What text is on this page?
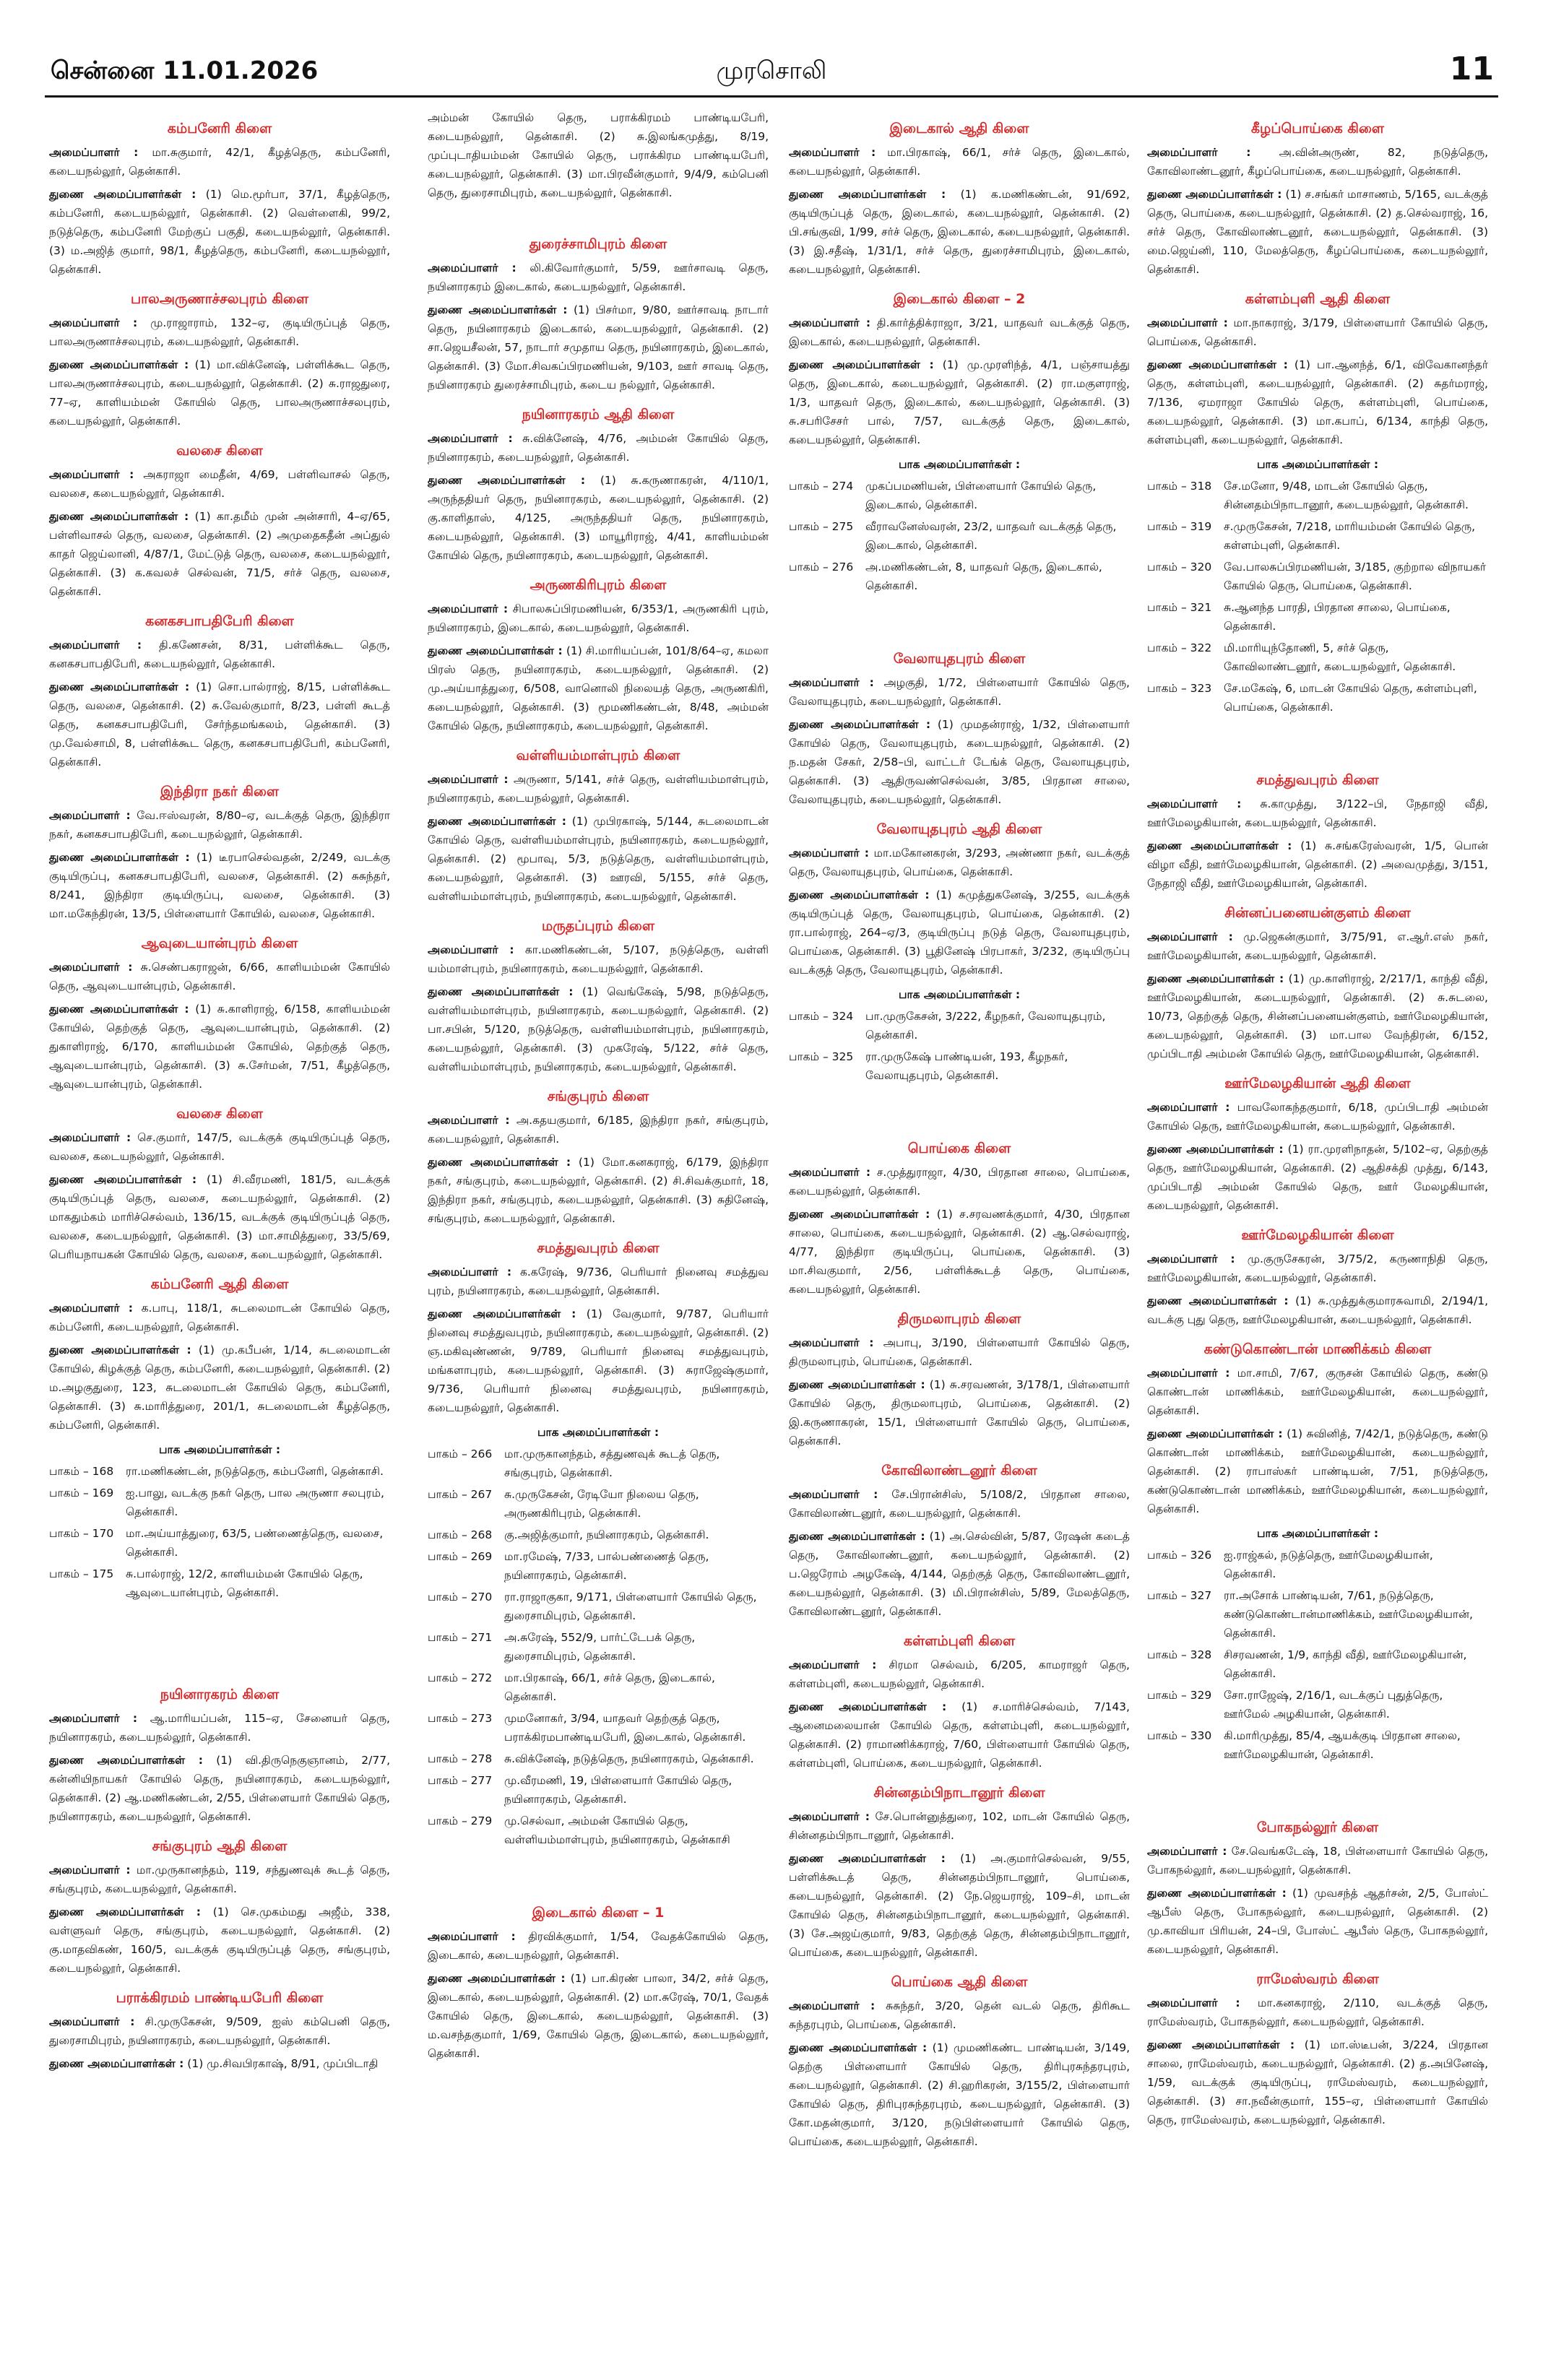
சென்னை 11.01.2026	முரசொலி	11
கம்பனேரி கிளை
அமைப்பாளர் : மா.சுகுமார், 42/1, கீழத்தெரு, கம்பனேரி, கடையநல்லூர், தென்காசி.
துணை அமைப்பாளர்கள் : (1) மெ.மூர்பா, 37/1, கீழத்தெரு, கம்பனேரி, கடையநல்லூர், தென்காசி. (2) வெள்ளைகி, 99/2, நடுத்தெரு, கம்பனேரி மேற்குப் பகுதி, கடையநல்லூர், தென்காசி. (3) ம.அஜித் குமார், 98/1, கீழத்தெரு, கம்பனேரி, கடையநல்லூர், தென்காசி.
பாலஅருணாச்சலபுரம் கிளை
அமைப்பாளர் : மு.ராஜாராம், 132–ஏ, குடியிருப்புத் தெரு, பாலஅருணாச்சலபுரம், கடையநல்லூர், தென்காசி.
துணை அமைப்பாளர்கள் : (1) மா.விக்னேஷ், பள்ளிக்கூட தெரு, பாலஅருணாச்சலபுரம், கடையநல்லூர், தென்காசி. (2) சு.ராஜதுரை, 77–ஏ, காளியம்மன் கோயில் தெரு, பாலஅருணாச்சலபுரம், கடையநல்லூர், தென்காசி.
வலசை கிளை
அமைப்பாளர் : அகராஜா மைதீன், 4/69, பள்ளிவாசல் தெரு, வலசை, கடையநல்லூர், தென்காசி.
துணை அமைப்பாளர்கள் : (1) கா.தமீம் முன் அன்சாரி, 4–ஏ/65, பள்ளிவாசல் தெரு, வலசை, தென்காசி. (2) அமுதைகதீன் அப்துல் காதர் ஜெய்லானி, 4/87/1, மேட்டுத் தெரு, வலசை, கடையநல்லூர், தென்காசி. (3) க.கவலச் செல்வன், 71/5, சர்ச் தெரு, வலசை, தென்காசி.
கனகசபாபதிபேரி கிளை
அமைப்பாளர் : தி.கணேசன், 8/31, பள்ளிக்கூட தெரு, கனகசபாபதிபேரி, கடையநல்லூர், தென்காசி.
துணை அமைப்பாளர்கள் : (1) சொ.பால்ராஜ், 8/15, பள்ளிக்கூட தெரு, வலசை, தென்காசி. (2) சு.வேல்குமார், 8/23, பள்ளி கூடத் தெரு, கனகசபாபதிபேரி, சேர்ந்தமங்கலம், தென்காசி. (3) மு.வேல்சாமி, 8, பள்ளிக்கூட தெரு, கனகசபாபதிபேரி, கம்பனேரி, தென்காசி.
இந்திரா நகர் கிளை
அமைப்பாளர் : வே.ஈஸ்வரன், 8/80–ஏ, வடக்குத் தெரு, இந்திரா நகர், கனகசபாபதிபேரி, கடையநல்லூர், தென்காசி.
துணை அமைப்பாளர்கள் : (1) டீரபாசெல்வதன், 2/249, வடக்கு குடியிருப்பு, கனகசபாபதிபேரி, வலசை, தென்காசி. (2) சுசுந்தர், 8/241, இந்திரா குடியிருப்பு, வலசை, தென்காசி. (3) மா.மகேந்திரன், 13/5, பிள்ளையார் கோயில், வலசை, தென்காசி.
ஆவுடையான்புரம் கிளை
அமைப்பாளர் : சு.செண்பகராஜன், 6/66, காளியம்மன் கோயில் தெரு, ஆவுடையான்புரம், தென்காசி.
துணை அமைப்பாளர்கள் : (1) சு.காளிராஜ், 6/158, காளியம்மன் கோயில், தெற்குத் தெரு, ஆவுடையான்புரம், தென்காசி. (2) துகாளிராஜ், 6/170, காளியம்மன் கோயில், தெற்குத் தெரு, ஆவுடையான்புரம், தென்காசி. (3) சு.சேர்மன், 7/51, கீழத்தெரு, ஆவுடையான்புரம், தென்காசி.
வலசை கிளை
அமைப்பாளர் : செ.குமார், 147/5, வடக்குக் குடியிருப்புத் தெரு, வலசை, கடையநல்லூர், தென்காசி.
துணை அமைப்பாளர்கள் : (1) சி.வீரமணி, 181/5, வடக்குக் குடியிருப்புத் தெரு, வலசை, கடையநல்லூர், தென்காசி. (2) மாகதும்கம் மாரிச்செல்வம், 136/15, வடக்குக் குடியிருப்புத் தெரு, வலசை, கடையநல்லூர், தென்காசி. (3) மா.சாமித்துரை, 33/5/69, பெரியநாயகன் கோயில் தெரு, வலசை, கடையநல்லூர், தென்காசி.
கம்பனேரி ஆதி கிளை
அமைப்பாளர் : க.பாபு, 118/1, சுடலைமாடன் கோயில் தெரு, கம்பனேரி, கடையநல்லூர், தென்காசி.
துணை அமைப்பாளர்கள் : (1) மு.கபீபன், 1/14, சுடலைமாடன் கோயில், கிழக்குத் தெரு, கம்பனேரி, கடையநல்லூர், தென்காசி. (2) ம.அழகுதுரை, 123, சுடலைமாடன் கோயில் தெரு, கம்பனேரி, தென்காசி. (3) சு.மாரித்துரை, 201/1, சுடலைமாடன் கீழத்தெரு, கம்பனேரி, தென்காசி.
பாக அமைப்பாளர்கள் :
பாகம் – 168	ரா.மணிகண்டன், நடுத்தெரு, கம்பனேரி, தென்காசி.
பாகம் – 169	ஐ.பாலு, வடக்கு நகர் தெரு, பால அருணா சலபுரம், தென்காசி.
பாகம் – 170	மா.அய்யாத்துரை, 63/5, பண்ணைத்தெரு, வலசை, தென்காசி.
பாகம் – 175	சு.பால்ராஜ், 12/2, காளியம்மன் கோயில் தெரு, ஆவுடையான்புரம், தென்காசி.
நயினாரகரம் கிளை
அமைப்பாளர் : ஆ.மாரியப்பன், 115–ஏ, சேனையர் தெரு, நயினாரகரம், கடையநல்லூர், தென்காசி.
துணை அமைப்பாளர்கள் : (1) வி.திருநெகுஞானம், 2/77, கன்னியிநாயகர் கோயில் தெரு, நயினாரகரம், கடையநல்லூர், தென்காசி. (2) ஆ.மணிகண்டன், 2/55, பிள்ளையார் கோயில் தெரு, நயினாரகரம், கடையநல்லூர், தென்காசி.
சங்குபுரம் ஆதி கிளை
அமைப்பாளர் : மா.முருகானந்தம், 119, சந்துணவுக் கூடத் தெரு, சங்குபுரம், கடையநல்லூர், தென்காசி.
துணை அமைப்பாளர்கள் : (1) செ.முகம்மது அஜீம், 338, வள்ளுவர் தெரு, சங்குபுரம், கடையநல்லூர், தென்காசி. (2) கு.மாதவிகண், 160/5, வடக்குக் குடியிருப்புத் தெரு, சங்குபுரம், கடையநல்லூர், தென்காசி.
பராக்கிரமம் பாண்டியபேரி கிளை
அமைப்பாளர் : சி.முருகேசன், 9/509, ஐஸ் கம்பெனி தெரு, துரைசாமிபுரம், நயினாரகரம், கடையநல்லூர், தென்காசி.
துணை அமைப்பாளர்கள் : (1) மு.சிவபிரகாஷ், 8/91, முப்பிடாதி
அம்மன் கோயில் தெரு, பராக்கிரமம் பாண்டியபேரி, கடையநல்லூர், தென்காசி. (2) சு.இலங்கமுத்து, 8/19, முப்புடாதியம்மன் கோயில் தெரு, பராக்கிரம பாண்டியபேரி, கடையநல்லூர், தென்காசி. (3) மா.பிரவீன்குமார், 9/4/9, கம்பெனி தெரு, துரைசாமிபுரம், கடையநல்லூர், தென்காசி.
துரைச்சாமிபுரம் கிளை
அமைப்பாளர் : லி.கிவோர்குமார், 5/59, ஊர்சாவடி தெரு, நயினாரகரம் இடைகால், கடையநல்லூர், தென்காசி.
துணை அமைப்பாளர்கள் : (1) பிசர்மா, 9/80, ஊர்சாவடி நாடார் தெரு, நயினாரகரம் இடைகால், கடையநல்லூர், தென்காசி. (2) சா.ஜெயசீலன், 57, நாடார் சமுதாய தெரு, நயினாரகரம், இடைகால், தென்காசி. (3) மோ.சிவகப்பிரமணியன், 9/103, ஊர் சாவடி தெரு, நயினாரகரம் துரைச்சாமிபுரம், கடைய நல்லூர், தென்காசி.
நயினாரகரம் ஆதி கிளை
அமைப்பாளர் : சு.விக்னேஷ், 4/76, அம்மன் கோயில் தெரு, நயினாரகரம், கடையநல்லூர், தென்காசி.
துணை அமைப்பாளர்கள் : (1) சு.கருணாகரன், 4/110/1, அருந்ததியர் தெரு, நயினாரகரம், கடையநல்லூர், தென்காசி. (2) கு.காளிதாஸ், 4/125, அருந்ததியர் தெரு, நயினாரகரம், கடையநல்லூர், தென்காசி. (3) மாயூரிராஜ், 4/41, காளியம்மன் கோயில் தெரு, நயினாரகரம், கடையநல்லூர், தென்காசி.
அருணகிரிபுரம் கிளை
அமைப்பாளர் : சிபாலசுப்பிரமணியன், 6/353/1, அருணகிரி புரம், நயினாரகரம், இடைகால், கடையநல்லூர், தென்காசி.
துணை அமைப்பாளர்கள் : (1) சி.மாரியப்பன், 101/8/64–ஏ, கமலா பிரஸ் தெரு, நயினாரகரம், கடையநல்லூர், தென்காசி. (2) மு.அய்யாத்துரை, 6/508, வானொலி நிலையத் தெரு, அருணகிரி, கடையநல்லூர், தென்காசி. (3) மூமணிகண்டன், 8/48, அம்மன் கோயில் தெரு, நயினாரகரம், கடையநல்லூர், தென்காசி.
வள்ளியம்மாள்புரம் கிளை
அமைப்பாளர் : அருணா, 5/141, சர்ச் தெரு, வள்ளியம்மாள்புரம், நயினாரகரம், கடையநல்லூர், தென்காசி.
துணை அமைப்பாளர்கள் : (1) முபிரகாஷ், 5/144, சுடலைமாடன் கோயில் தெரு, வள்ளியம்மாள்புரம், நயினாரகரம், கடையநல்லூர், தென்காசி. (2) மூபாவு, 5/3, நடுத்தெரு, வள்ளியம்மாள்புரம், கடையநல்லூர், தென்காசி. (3) ஊரவி, 5/155, சர்ச் தெரு, வள்ளியம்மாள்புரம், நயினாரகரம், கடையநல்லூர், தென்காசி.
மருதப்புரம் கிளை
அமைப்பாளர் : கா.மணிகண்டன், 5/107, நடுத்தெரு, வள்ளி யம்மாள்புரம், நயினாரகரம், கடையநல்லூர், தென்காசி.
துணை அமைப்பாளர்கள் : (1) வெங்கேஷ், 5/98, நடுத்தெரு, வள்ளியம்மாள்புரம், நயினாரகரம், கடையநல்லூர், தென்காசி. (2) பா.சபின், 5/120, நடுத்தெரு, வள்ளியம்மாள்புரம், நயினாரகரம், கடையநல்லூர், தென்காசி. (3) முகரேஷ், 5/122, சர்ச் தெரு, வள்ளியம்மாள்புரம், நயினாரகரம், கடையநல்லூர், தென்காசி.
சங்குபுரம் கிளை
அமைப்பாளர் : அ.கதயகுமார், 6/185, இந்திரா நகர், சங்குபுரம், கடையநல்லூர், தென்காசி.
துணை அமைப்பாளர்கள் : (1) மோ.கனகராஜ், 6/179, இந்திரா நகர், சங்குபுரம், கடையநல்லூர், தென்காசி. (2) சி.சிவக்குமார், 18, இந்திரா நகர், சங்குபுரம், கடையநல்லூர், தென்காசி. (3) சுதினேஷ், சங்குபுரம், கடையநல்லூர், தென்காசி.
சமத்துவபுரம் கிளை
அமைப்பாளர் : க.கரேஷ், 9/736, பெரியார் நினைவு சமத்துவ புரம், நயினாரகரம், கடையநல்லூர், தென்காசி.
துணை அமைப்பாளர்கள் : (1) வேகுமார், 9/787, பெரியார் நினைவு சமத்துவபுரம், நயினாரகரம், கடையநல்லூர், தென்காசி. (2) ஞ.மகிவுண்ணன், 9/789, பெரியார் நினைவு சமத்துவபுரம், மங்களாபுரம், கடையநல்லூர், தென்காசி. (3) சுராஜேஷ்குமார், 9/736, பெரியார் நினைவு சமத்துவபுரம், நயினாரகரம், கடையநல்லூர், தென்காசி.
பாக அமைப்பாளர்கள் :
பாகம் – 266	மா.முருகானந்தம், சத்துணவுக் கூடத் தெரு, சங்குபுரம், தென்காசி.
பாகம் – 267	சு.முருகேசன், ரேடியோ நிலைய தெரு, அருணகிரிபுரம், தென்காசி.
பாகம் – 268	கு.அஜித்குமார், நயினாரகரம், தென்காசி.
பாகம் – 269	மா.ரமேஷ், 7/33, பால்பண்ணைத் தெரு, நயினாரகரம், தென்காசி.
பாகம் – 270	ரா.ராஜாகுகா, 9/171, பிள்ளையார் கோயில் தெரு, துரைசாமிபுரம், தென்காசி.
பாகம் – 271	அ.சுரேஷ், 552/9, பார்ட்டேபக் தெரு, துரைசாமிபுரம், தென்காசி.
பாகம் – 272	மா.பிரகாஷ், 66/1, சர்ச் தெரு, இடைகால், தென்காசி.
பாகம் – 273	முமனோகர், 3/94, யாதவர் தெற்குத் தெரு, பராக்கிரமபாண்டியபேரி, இடைகால், தென்காசி.
பாகம் – 278	சு.விக்னேஷ், நடுத்தெரு, நயினாரகரம், தென்காசி.
பாகம் – 277	மு.வீரமணி, 19, பிள்ளையார் கோயில் தெரு, நயினாரகரம், தென்காசி.
பாகம் – 279	மு.செல்வா, அம்மன் கோயில் தெரு, வள்ளியம்மாள்புரம், நயினாரகரம், தென்காசி
இடைகால் கிளை – 1
அமைப்பாளர் : திரவிக்குமார், 1/54, வேதக்கோயில் தெரு, இடைகால், கடையநல்லூர், தென்காசி.
துணை அமைப்பாளர்கள் : (1) பா.கிரண் பாலா, 34/2, சர்ச் தெரு, இடைகால், கடையநல்லூர், தென்காசி. (2) மா.சுரேஷ், 70/1, வேதக் கோயில் தெரு, இடைகால், கடையநல்லூர், தென்காசி. (3) ம.வசந்தகுமார், 1/69, கோயில் தெரு, இடைகால், கடையநல்லூர், தென்காசி.
இடைகால் ஆதி கிளை
அமைப்பாளர் : மா.பிரகாஷ், 66/1, சர்ச் தெரு, இடைகால், கடையநல்லூர், தென்காசி.
துணை அமைப்பாளர்கள் : (1) க.மணிகண்டன், 91/692, குடியிருப்புத் தெரு, இடைகால், கடையநல்லூர், தென்காசி. (2) பி.சங்குவி, 1/99, சர்ச் தெரு, இடைகால், கடையநல்லூர், தென்காசி. (3) இ.சதீஷ், 1/31/1, சர்ச் தெரு, துரைச்சாமிபுரம், இடைகால், கடையநல்லூர், தென்காசி.
இடைகால் கிளை – 2
அமைப்பாளர் : தி.கார்த்திக்ராஜா, 3/21, யாதவர் வடக்குத் தெரு, இடைகால், கடையநல்லூர், தென்காசி.
துணை அமைப்பாளர்கள் : (1) மு.முரளிந்த், 4/1, பஞ்சாயத்து தெரு, இடைகால், கடையநல்லூர், தென்காசி. (2) ரா.மகுளராஜ், 1/3, யாதவர் தெரு, இடைகால், கடையநல்லூர், தென்காசி. (3) சு.சபரிசேசர் பால், 7/57, வடக்குத் தெரு, இடைகால், கடையநல்லூர், தென்காசி.
பாக அமைப்பாளர்கள் :
பாகம் – 274	முகப்பமணியன், பிள்ளையார் கோயில் தெரு, இடைகால், தென்காசி.
பாகம் – 275	வீராவனேஸ்வரன், 23/2, யாதவர் வடக்குத் தெரு, இடைகால், தென்காசி.
பாகம் – 276	அ.மணிகண்டன், 8, யாதவர் தெரு, இடைகால், தென்காசி.
வேலாயுதபுரம் கிளை
அமைப்பாளர் : அழகுதி, 1/72, பிள்ளையார் கோயில் தெரு, வேலாயுதபுரம், கடையநல்லூர், தென்காசி.
துணை அமைப்பாளர்கள் : (1) முமதன்ராஜ், 1/32, பிள்ளையார் கோயில் தெரு, வேலாயுதபுரம், கடையநல்லூர், தென்காசி. (2) ந.மதன் சேகர், 2/58–பி, வாட்டர் டேங்க் தெரு, வேலாயுதபுரம், தென்காசி. (3) ஆதிருவண்செல்வன், 3/85, பிரதான சாலை, வேலாயுதபுரம், கடையநல்லூர், தென்காசி.
வேலாயுதபுரம் ஆதி கிளை
அமைப்பாளர் : மா.மகோனகரன், 3/293, அண்ணா நகர், வடக்குத் தெரு, வேலாயுதபுரம், பொய்கை, தென்காசி.
துணை அமைப்பாளர்கள் : (1) சுமுத்துகனேஷ், 3/255, வடக்குக் குடியிருப்புத் தெரு, வேலாயுதபுரம், பொய்கை, தென்காசி. (2) ரா.பால்ராஜ், 264–ஏ/3, குடியிருப்பு நடுத் தெரு, வேலாயுதபுரம், பொய்கை, தென்காசி. (3) பூதினேஷ் பிரபாகர், 3/232, குடியிருப்பு வடக்குத் தெரு, வேலாயுதபுரம், தென்காசி.
பாக அமைப்பாளர்கள் :
பாகம் – 324	பா.முருகேசன், 3/222, கீழநகர், வேலாயுதபுரம், தென்காசி.
பாகம் – 325	ரா.முருகேஷ் பாண்டியன், 193, கீழநகர், வேலாயுதபுரம், தென்காசி.
பொய்கை கிளை
அமைப்பாளர் : ச.முத்துராஜா, 4/30, பிரதான சாலை, பொய்கை, கடையநல்லூர், தென்காசி.
துணை அமைப்பாளர்கள் : (1) ச.சரவணக்குமார், 4/30, பிரதான சாலை, பொய்கை, கடையநல்லூர், தென்காசி. (2) ஆ.செல்வராஜ், 4/77, இந்திரா குடியிருப்பு, பொய்கை, தென்காசி. (3) மா.சிவகுமார், 2/56, பள்ளிக்கூடத் தெரு, பொய்கை, கடையநல்லூர், தென்காசி.
திருமலாபுரம் கிளை
அமைப்பாளர் : அபாபு, 3/190, பிள்ளையார் கோயில் தெரு, திருமலாபுரம், பொய்கை, தென்காசி.
துணை அமைப்பாளர்கள் : (1) சு.சரவணன், 3/178/1, பிள்ளையார் கோயில் தெரு, திருமலாபுரம், பொய்கை, தென்காசி. (2) இ.கருணாகரன், 15/1, பிள்ளையார் கோயில் தெரு, பொய்கை, தென்காசி.
கோவிலாண்டனூர் கிளை
அமைப்பாளர் : சே.பிரான்சிஸ், 5/108/2, பிரதான சாலை, கோவிலாண்டனூர், கடையநல்லூர், தென்காசி.
துணை அமைப்பாளர்கள் : (1) அ.செல்வின், 5/87, ரேஷன் கடைத் தெரு, கோவிலாண்டனூர், கடையநல்லூர், தென்காசி. (2) ப.ஜெரோம் அழகேஷ், 4/144, தெற்குத் தெரு, கோவிலாண்டனூர், கடையநல்லூர், தென்காசி. (3) மி.பிரான்சிஸ், 5/89, மேலத்தெரு, கோவிலாண்டனூர், தென்காசி.
கள்ளம்புளி கிளை
அமைப்பாளர் : சிரமா செல்வம், 6/205, காமராஜர் தெரு, கள்ளம்புளி, கடையநல்லூர், தென்காசி.
துணை அமைப்பாளர்கள் : (1) ச.மாரிச்செல்வம், 7/143, ஆனைமலையான் கோயில் தெரு, கள்ளம்புளி, கடையநல்லூர், தென்காசி. (2) ராமாணிக்கராஜ், 7/60, பிள்ளையார் கோயில் தெரு, கள்ளம்புளி, பொய்கை, கடையநல்லூர், தென்காசி.
சின்னதம்பிநாடானூர் கிளை
அமைப்பாளர் : சே.பொன்னுத்துரை, 102, மாடன் கோயில் தெரு, சின்னதம்பிநாடானூர், தென்காசி.
துணை அமைப்பாளர்கள் : (1) அ.குமார்செல்வன், 9/55, பள்ளிக்கூடத் தெரு, சின்னதம்பிநாடானூர், பொய்கை, கடையநல்லூர், தென்காசி. (2) நே.ஜெயராஜ், 109–சி, மாடன் கோயில் தெரு, சின்னதம்பிநாடானூர், கடையநல்லூர், தென்காசி. (3) சே.அஜய்குமார், 9/83, தெற்குத் தெரு, சின்னதம்பிநாடானூர், பொய்கை, கடையநல்லூர், தென்காசி.
பொய்கை ஆதி கிளை
அமைப்பாளர் : சுசுந்தர், 3/20, தென் வடல் தெரு, திரிகூட சுந்தரபுரம், பொய்கை, தென்காசி.
துணை அமைப்பாளர்கள் : (1) முமணிகண்ட பாண்டியன், 3/149, தெற்கு பிள்ளையார் கோயில் தெரு, திரிபுரசுந்தரபுரம், கடையநல்லூர், தென்காசி. (2) சி.ஹரிகரன், 3/155/2, பிள்ளையார் கோயில் தெரு, திரிபுரசுந்தரபுரம், கடையநல்லூர், தென்காசி. (3) கோ.மதன்குமார், 3/120, நடுபிள்ளையார் கோயில் தெரு, பொய்கை, கடையநல்லூர், தென்காசி.
கீழப்பொய்கை கிளை
அமைப்பாளர் :	அ.வின்அருண், 82, நடுத்தெரு, கோவிலாண்டனூர், கீழப்பொய்கை, கடையநல்லூர், தென்காசி.
துணை அமைப்பாளர்கள் : (1) ச.சங்கர் மாசாணம், 5/165, வடக்குத் தெரு, பொய்கை, கடையநல்லூர், தென்காசி. (2) த.செல்வராஜ், 16, சர்ச் தெரு, கோவிலாண்டனூர், கடையநல்லூர், தென்காசி. (3) மை.ஜெய்னி, 110, மேலத்தெரு, கீழப்பொய்கை, கடையநல்லூர், தென்காசி.
கள்ளம்புளி ஆதி கிளை
அமைப்பாளர் : மா.நாகராஜ், 3/179, பிள்ளையார் கோயில் தெரு, பொய்கை, தென்காசி.
துணை அமைப்பாளர்கள் : (1) பா.ஆனந்த், 6/1, விவேகானந்தர் தெரு, கள்ளம்புளி, கடையநல்லூர், தென்காசி. (2) சுதர்மராஜ், 7/136, ஏமராஜா கோயில் தெரு, கள்ளம்புளி, பொய்கை, கடையநல்லூர், தென்காசி. (3) மா.கபாப், 6/134, காந்தி தெரு, கள்ளம்புளி, கடையநல்லூர், தென்காசி.
பாக அமைப்பாளர்கள் :
பாகம் – 318	சே.மனோ, 9/48, மாடன் கோயில் தெரு, சின்னதம்பிநாடானூர், கடையநல்லூர், தென்காசி.
பாகம் – 319	ச.முருகேசன், 7/218, மாரியம்மன் கோயில் தெரு, கள்ளம்புளி, தென்காசி.
பாகம் – 320	வே.பாலசுப்பிரமணியன், 3/185, குற்றால விநாயகர் கோயில் தெரு, பொய்கை, தென்காசி.
பாகம் – 321	சு.ஆனந்த பாரதி, பிரதான சாலை, பொய்கை, தென்காசி.
பாகம் – 322	மி.மாரியுந்தோணி, 5, சர்ச் தெரு, கோவிலாண்டனூர், கடையநல்லூர், தென்காசி.
பாகம் – 323	சே.மகேஷ், 6, மாடன் கோயில் தெரு, கள்ளம்புளி, பொய்கை, தென்காசி.
சமத்துவபுரம் கிளை
அமைப்பாளர் : சு.காமுத்து, 3/122–பி, நேதாஜி வீதி, ஊர்மேலழகியான், கடையநல்லூர், தென்காசி.
துணை அமைப்பாளர்கள் : (1) சு.சங்கரேஸ்வரன், 1/5, பொன் விழா வீதி, ஊர்மேலழகியான், தென்காசி. (2) அவைமுத்து, 3/151, நேதாஜி வீதி, ஊர்மேலழகியான், தென்காசி.
சின்னப்பனையன்குளம் கிளை
அமைப்பாளர் : மு.ஜெகன்குமார், 3/75/91, எ.ஆர்.எஸ் நகர், ஊர்மேலழகியான், கடையநல்லூர், தென்காசி.
துணை அமைப்பாளர்கள் : (1) மு.காளிராஜ், 2/217/1, காந்தி வீதி, ஊர்மேலழகியான், கடையநல்லூர், தென்காசி. (2) சு.சுடலை, 10/73, தெற்குத் தெரு, சின்னப்பனையன்குளம், ஊர்மேலழகியான், கடையநல்லூர், தென்காசி. (3) மா.பால வேந்திரன், 6/152, முப்பிடாதி அம்மன் கோயில் தெரு, ஊர்மேலழகியான், தென்காசி.
ஊர்மேலழகியான் ஆதி கிளை
அமைப்பாளர் : பாவலோகந்தகுமார், 6/18, முப்பிடாதி அம்மன் கோயில் தெரு, ஊர்மேலழகியான், கடையநல்லூர், தென்காசி.
துணை அமைப்பாளர்கள் : (1) ரா.முரளிநாதன், 5/102–ஏ, தெற்குத் தெரு, ஊர்மேலழகியான், தென்காசி. (2) ஆதிசக்தி முத்து, 6/143, முப்பிடாதி அம்மன் கோயில் தெரு, ஊர் மேலழகியான், கடையநல்லூர், தென்காசி.
ஊர்மேலழகியான் கிளை
அமைப்பாளர் : மு.குருசேகரன், 3/75/2, கருணாநிதி தெரு, ஊர்மேலழகியான், கடையநல்லூர், தென்காசி.
துணை அமைப்பாளர்கள் : (1) சு.முத்துக்குமாரசுவாமி, 2/194/1, வடக்கு புது தெரு, ஊர்மேலழகியான், கடையநல்லூர், தென்காசி.
கண்டுகொண்டான் மாணிக்கம் கிளை
அமைப்பாளர் : மா.சாமி, 7/67, குருசன் கோயில் தெரு, கண்டு கொண்டான் மாணிக்கம், ஊர்மேலழகியான், கடையநல்லூர், தென்காசி.
துணை அமைப்பாளர்கள் : (1) சுவினித், 7/42/1, நடுத்தெரு, கண்டு கொண்டான் மாணிக்கம், ஊர்மேலழகியான், கடையநல்லூர், தென்காசி. (2) ராபாஸ்கர் பாண்டியன், 7/51, நடுத்தெரு, கண்டுகொண்டான் மாணிக்கம், ஊர்மேலழகியான், கடையநல்லூர், தென்காசி.
பாக அமைப்பாளர்கள் :
பாகம் – 326	ஐ.ராஜ்கல், நடுத்தெரு, ஊர்மேலழகியான், தென்காசி.
பாகம் – 327	ரா.அசோக் பாண்டியன், 7/61, நடுத்தெரு, கண்டுகொண்டான்மாணிக்கம், ஊர்மேலழகியான், தென்காசி.
பாகம் – 328	சிசரவணன், 1/9, காந்தி வீதி, ஊர்மேலழகியான், தென்காசி.
பாகம் – 329	சோ.ராஜேஷ், 2/16/1, வடக்குப் புதுத்தெரு, ஊர்மேல் அழகியான், தென்காசி.
பாகம் – 330	கி.மாரிமுத்து, 85/4, ஆயக்குடி பிரதான சாலை, ஊர்மேலழகியான், தென்காசி.
போகநல்லூர் கிளை
அமைப்பாளர் : சே.வெங்கடேஷ், 18, பிள்ளையார் கோயில் தெரு, போகநல்லூர், கடையநல்லூர், தென்காசி.
துணை அமைப்பாளர்கள் : (1) முவசந்த் ஆதர்சன், 2/5, போஸ்ட் ஆபீஸ் தெரு, போகநல்லூர், கடையநல்லூர், தென்காசி. (2) மு.காவியா பிரியன், 24–பி, போஸ்ட் ஆபீஸ் தெரு, போகநல்லூர், கடையநல்லூர், தென்காசி.
ராமேஸ்வரம் கிளை
அமைப்பாளர் : மா.கனகராஜ், 2/110, வடக்குத் தெரு, ராமேஸ்வரம், போகநல்லூர், கடையநல்லூர், தென்காசி.
துணை அமைப்பாளர்கள் : (1) மா.ஸ்டீபன், 3/224, பிரதான சாலை, ராமேஸ்வரம், கடையநல்லூர், தென்காசி. (2) த.அபினேஷ், 1/59, வடக்குக் குடியிருப்பு, ராமேஸ்வரம், கடையநல்லூர், தென்காசி. (3) சா.நவீன்குமார், 155–ஏ, பிள்ளையார் கோயில் தெரு, ராமேஸ்வரம், கடையநல்லூர், தென்காசி.
